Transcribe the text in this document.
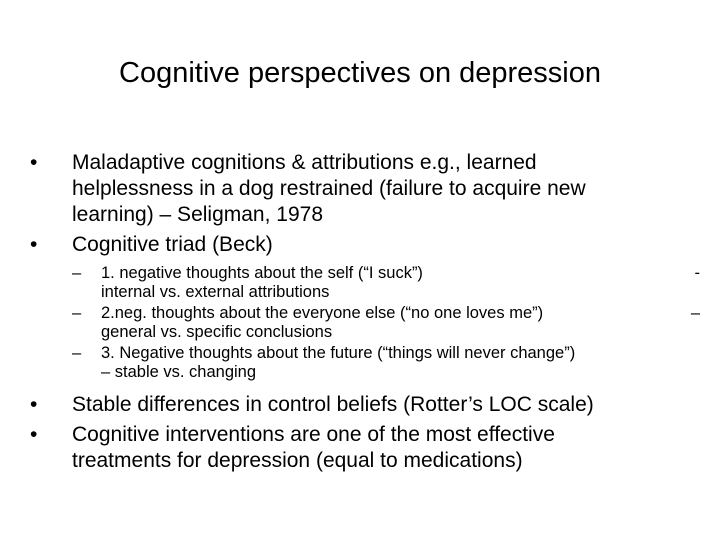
Cognitive perspectives on depression
• Maladaptive cognitions & attributions e.g., learned
helplessness in a dog restrained (failure to acquire new
learning) – Seligman, 1978
• Cognitive triad (Beck)
– 1. negative thoughts about the self (“I suck”)	-
internal vs. external attributions
– 2.neg. thoughts about the everyone else (“no one loves me”)	–
general vs. specific conclusions
– 3. Negative thoughts about the future (“things will never change”)
– stable vs. changing
• Stable differences in control beliefs (Rotter’s LOC scale)
• Cognitive interventions are one of the most effective
treatments for depression (equal to medications)
